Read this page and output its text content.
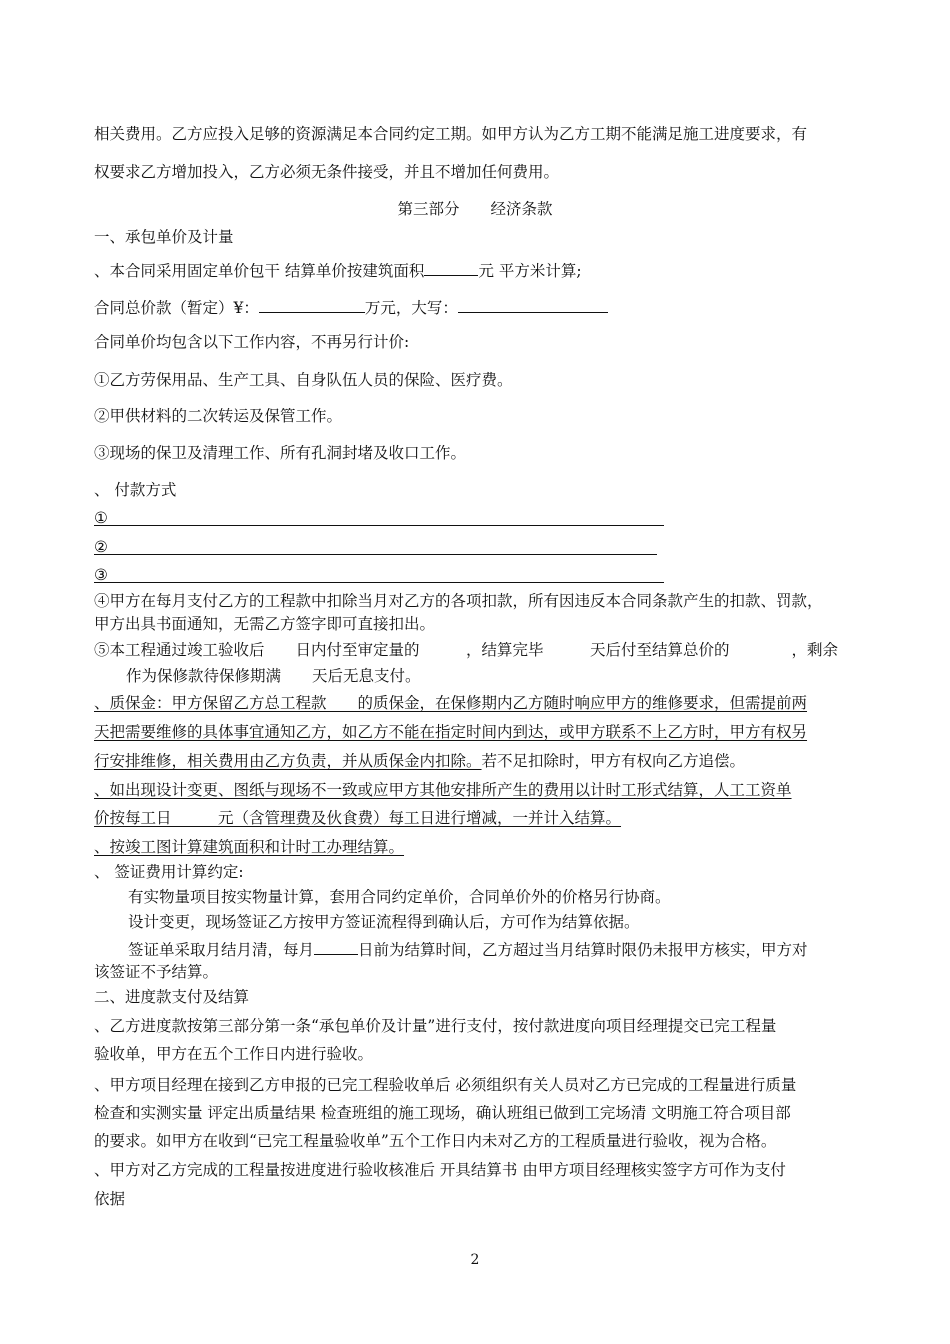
相关费用。乙方应投入足够的资源满足本合同约定工期。如甲方认为乙方工期不能满足施工进度要求，有
权要求乙方增加投入，乙方必须无条件接受，并且不增加任何费用。
第三部分　　经济条款
一、承包单价及计量
、本合同采用固定单价包干 结算单价按建筑面积	元 平方米计算;
合同总价款（暂定）¥：	万元，大写：
合同单价均包含以下工作内容，不再另行计价:
①乙方劳保用品、生产工具、自身队伍人员的保险、医疗费。
②甲供材料的二次转运及保管工作。
③现场的保卫及清理工作、所有孔洞封堵及收口工作。
、 付款方式
①
②
③
④甲方在每月支付乙方的工程款中扣除当月对乙方的各项扣款，所有因违反本合同条款产生的扣款、罚款，
甲方出具书面通知，无需乙方签字即可直接扣出。
⑤本工程通过竣工验收后　　日内付至审定量的　　　，结算完毕　　　天后付至结算总价的　　　　，剩余
作为保修款待保修期满　　天后无息支付。
、质保金：甲方保留乙方总工程款　　的质保金，在保修期内乙方随时响应甲方的维修要求，但需提前两
天把需要维修的具体事宜通知乙方，如乙方不能在指定时间内到达，或甲方联系不上乙方时，甲方有权另
行安排维修，相关费用由乙方负责，并从质保金内扣除。若不足扣除时，甲方有权向乙方追偿。
、如出现设计变更、图纸与现场不一致或应甲方其他安排所产生的费用以计时工形式结算，人工工资单
价按每工日　　　元（含管理费及伙食费）每工日进行增减，一并计入结算。
、按竣工图计算建筑面积和计时工办理结算。
、 签证费用计算约定:
有实物量项目按实物量计算，套用合同约定单价，合同单价外的价格另行协商。
设计变更，现场签证乙方按甲方签证流程得到确认后，方可作为结算依据。
签证单采取月结月清，每月	日前为结算时间，乙方超过当月结算时限仍未报甲方核实，甲方对
该签证不予结算。
二、进度款支付及结算
、乙方进度款按第三部分第一条“承包单价及计量”进行支付，按付款进度向项目经理提交已完工程量
验收单，甲方在五个工作日内进行验收。
、甲方项目经理在接到乙方申报的已完工程验收单后 必须组织有关人员对乙方已完成的工程量进行质量
检查和实测实量 评定出质量结果 检查班组的施工现场，确认班组已做到工完场清 文明施工符合项目部
的要求。如甲方在收到“已完工程量验收单”五个工作日内未对乙方的工程质量进行验收，视为合格。
、甲方对乙方完成的工程量按进度进行验收核准后 开具结算书 由甲方项目经理核实签字方可作为支付
依据
2
